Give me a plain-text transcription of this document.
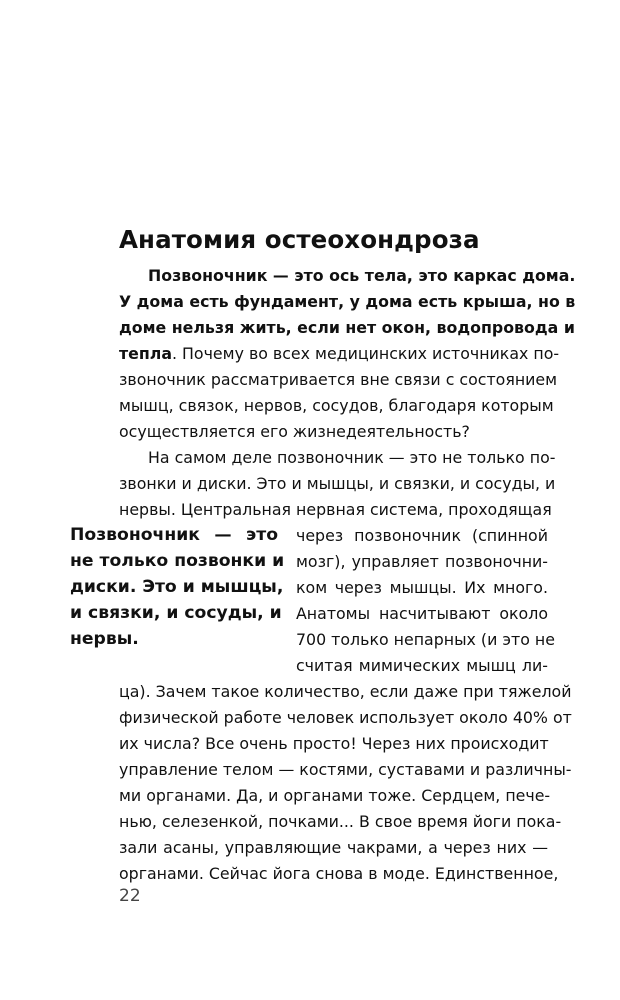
Анатомия остеохондроза
Позвоночник — это ось тела, это каркас дома.
У дома есть фундамент, у дома есть крыша, но в
доме нельзя жить, если нет окон, водопровода и
тепла. Почему во всех медицинских источниках по-
звоночник рассматривается вне связи с состоянием
мышц, связок, нервов, сосудов, благодаря которым
осуществляется его жизнедеятельность?
На самом деле позвоночник — это не только по-
звонки и диски. Это и мышцы, и связки, и сосуды, и
нервы. Центральная нервная система, проходящая
через позвоночник (спинной
мозг), управляет позвоночни-
ком через мышцы. Их много.
Анатомы насчитывают около
700 только непарных (и это не
считая мимических мышц ли-
ца). Зачем такое количество, если даже при тяжелой
физической работе человек использует около 40% от
их числа? Все очень просто! Через них происходит
управление телом — костями, суставами и различны-
ми органами. Да, и органами тоже. Сердцем, пече-
нью, селезенкой, почками... В свое время йоги пока-
зали асаны, управляющие чакрами, а через них —
органами. Сейчас йога снова в моде. Единственное,
Позвоночник — это
не только позвонки и
диски. Это и мышцы,
и связки, и сосуды, и
нервы.
22
